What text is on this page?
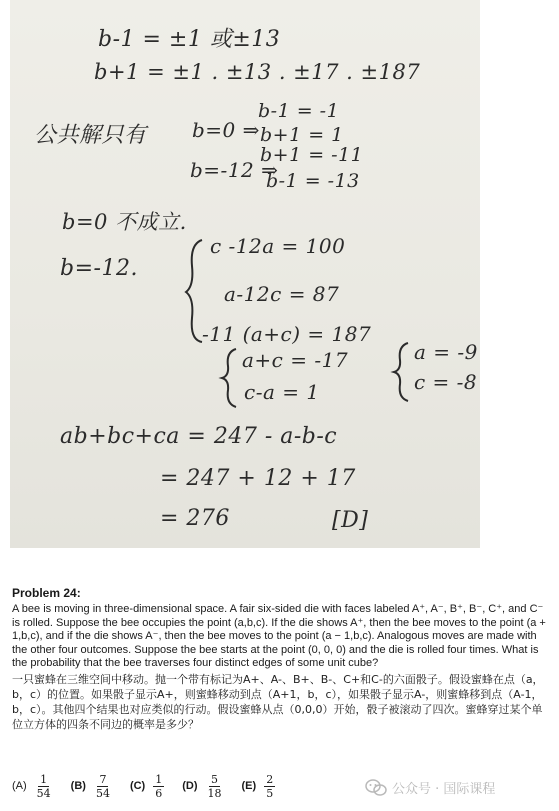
b-1 = ±1 或±13
b+1 = ±1 . ±13 . ±17 . ±187
公共解只有 b=0 ⇒
b-1 = -1
b+1 = 1
b=-12 ⇒
b+1 = -11
b-1 = -13
b=0 不成立.
b=-12.
c -12a = 100
a-12c = 87
-11 (a+c) = 187
a+c = -17
c-a = 1
a = -9
c = -8
ab+bc+ca = 247 - a-b-c
= 247 + 12 + 17
= 276	[D]

Problem 24:

A bee is moving in three-dimensional space. A fair six-sided die with faces labeled A⁺, A⁻, B⁺, B⁻, C⁺, and C⁻ is rolled. Suppose the bee occupies the point (a,b,c). If the die shows A⁺, then the bee moves to the point (a + 1,b,c), and if the die shows A⁻, then the bee moves to the point (a − 1,b,c). Analogous moves are made with the other four outcomes. Suppose the bee starts at the point (0, 0, 0) and the die is rolled four times. What is the probability that the bee traverses four distinct edges of some unit cube?

一只蜜蜂在三维空间中移动。抛一个带有标记为A+、A-、B+、B-、C+和C-的六面骰子。假设蜜蜂在点（a，b，c）的位置。如果骰子显示A+，则蜜蜂移动到点（A+1，b，c），如果骰子显示A-，则蜜蜂移到点（A-1，b，c）。其他四个结果也对应类似的行动。假设蜜蜂从点（0,0,0）开始，骰子被滚动了四次。蜜蜂穿过某个单位立方体的四条不同边的概率是多少？

$(A) \frac{1}{54} (B) \frac{7}{54} (C) \frac{1}{6} (D) \frac{5}{18} (E) \frac{2}{5}$	公众号 · 国际课程
